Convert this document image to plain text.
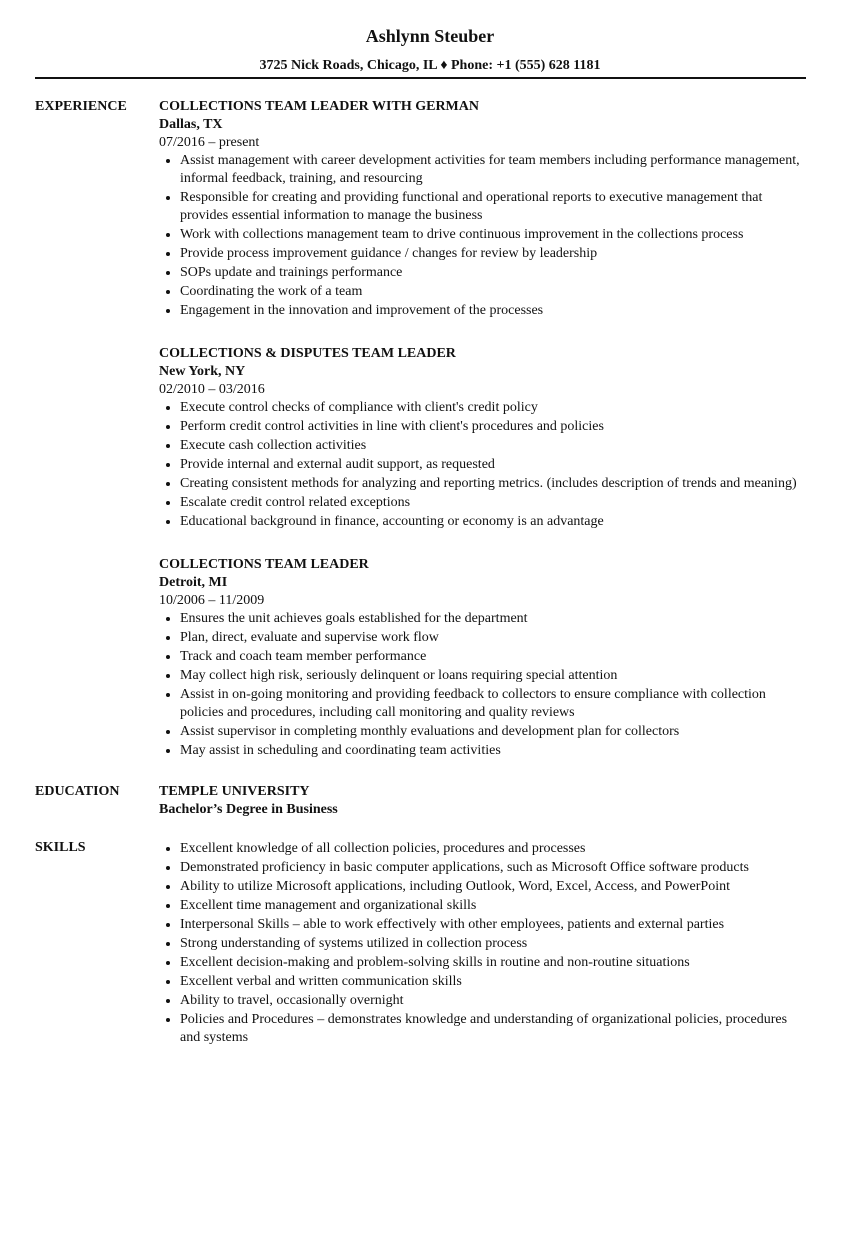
Ashlynn Steuber
3725 Nick Roads, Chicago, IL ♦ Phone: +1 (555) 628 1181
EXPERIENCE COLLECTIONS TEAM LEADER WITH GERMAN
Dallas, TX
07/2016 – present
• Assist management with career development activities for team members including performance management, informal feedback, training, and resourcing
• Responsible for creating and providing functional and operational reports to executive management that provides essential information to manage the business
• Work with collections management team to drive continuous improvement in the collections process
• Provide process improvement guidance / changes for review by leadership
• SOPs update and trainings performance
• Coordinating the work of a team
• Engagement in the innovation and improvement of the processes
COLLECTIONS & DISPUTES TEAM LEADER
New York, NY
02/2010 – 03/2016
• Execute control checks of compliance with client's credit policy
• Perform credit control activities in line with client's procedures and policies
• Execute cash collection activities
• Provide internal and external audit support, as requested
• Creating consistent methods for analyzing and reporting metrics. (includes description of trends and meaning)
• Escalate credit control related exceptions
• Educational background in finance, accounting or economy is an advantage
COLLECTIONS TEAM LEADER
Detroit, MI
10/2006 – 11/2009
• Ensures the unit achieves goals established for the department
• Plan, direct, evaluate and supervise work flow
• Track and coach team member performance
• May collect high risk, seriously delinquent or loans requiring special attention
• Assist in on-going monitoring and providing feedback to collectors to ensure compliance with collection policies and procedures, including call monitoring and quality reviews
• Assist supervisor in completing monthly evaluations and development plan for collectors
• May assist in scheduling and coordinating team activities
EDUCATION	TEMPLE UNIVERSITY
Bachelor’s Degree in Business
SKILLS	• Excellent knowledge of all collection policies, procedures and processes
• Demonstrated proficiency in basic computer applications, such as Microsoft Office software products
• Ability to utilize Microsoft applications, including Outlook, Word, Excel, Access, and PowerPoint
• Excellent time management and organizational skills
• Interpersonal Skills – able to work effectively with other employees, patients and external parties
• Strong understanding of systems utilized in collection process
• Excellent decision-making and problem-solving skills in routine and non-routine situations
• Excellent verbal and written communication skills
• Ability to travel, occasionally overnight
• Policies and Procedures – demonstrates knowledge and understanding of organizational policies, procedures and systems
